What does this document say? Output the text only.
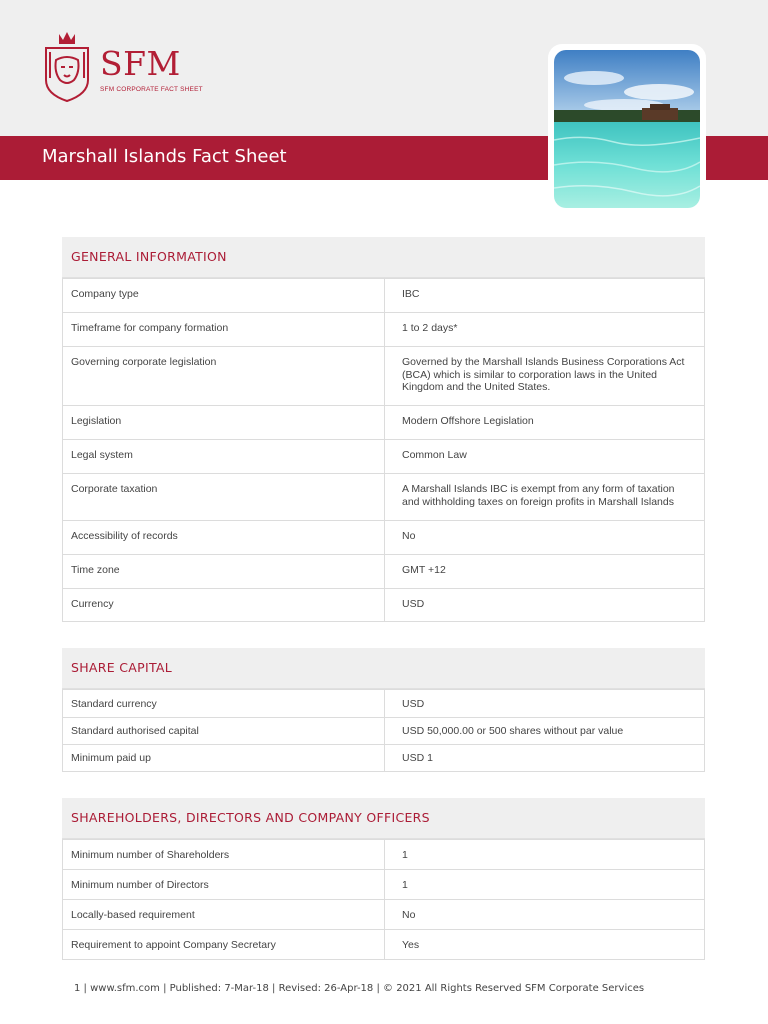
SFM
SFM CORPORATE FACT SHEET
Marshall Islands Fact Sheet
GENERAL INFORMATION
Company type	IBC
Timeframe for company formation	1 to 2 days*
Governing corporate legislation	Governed by the Marshall Islands Business Corporations Act (BCA) which is similar to corporation laws in the United Kingdom and the United States.
Legislation	Modern Offshore Legislation
Legal system	Common Law
Corporate taxation	A Marshall Islands IBC is exempt from any form of taxation and withholding taxes on foreign profits in Marshall Islands
Accessibility of records	No
Time zone	GMT +12
Currency	USD
SHARE CAPITAL
Standard currency	USD
Standard authorised capital	USD 50,000.00 or 500 shares without par value
Minimum paid up	USD 1
SHAREHOLDERS, DIRECTORS AND COMPANY OFFICERS
Minimum number of Shareholders	1
Minimum number of Directors	1
Locally-based requirement	No
Requirement to appoint Company Secretary	Yes
1 | www.sfm.com | Published: 7-Mar-18 | Revised: 26-Apr-18 | © 2021 All Rights Reserved SFM Corporate Services
